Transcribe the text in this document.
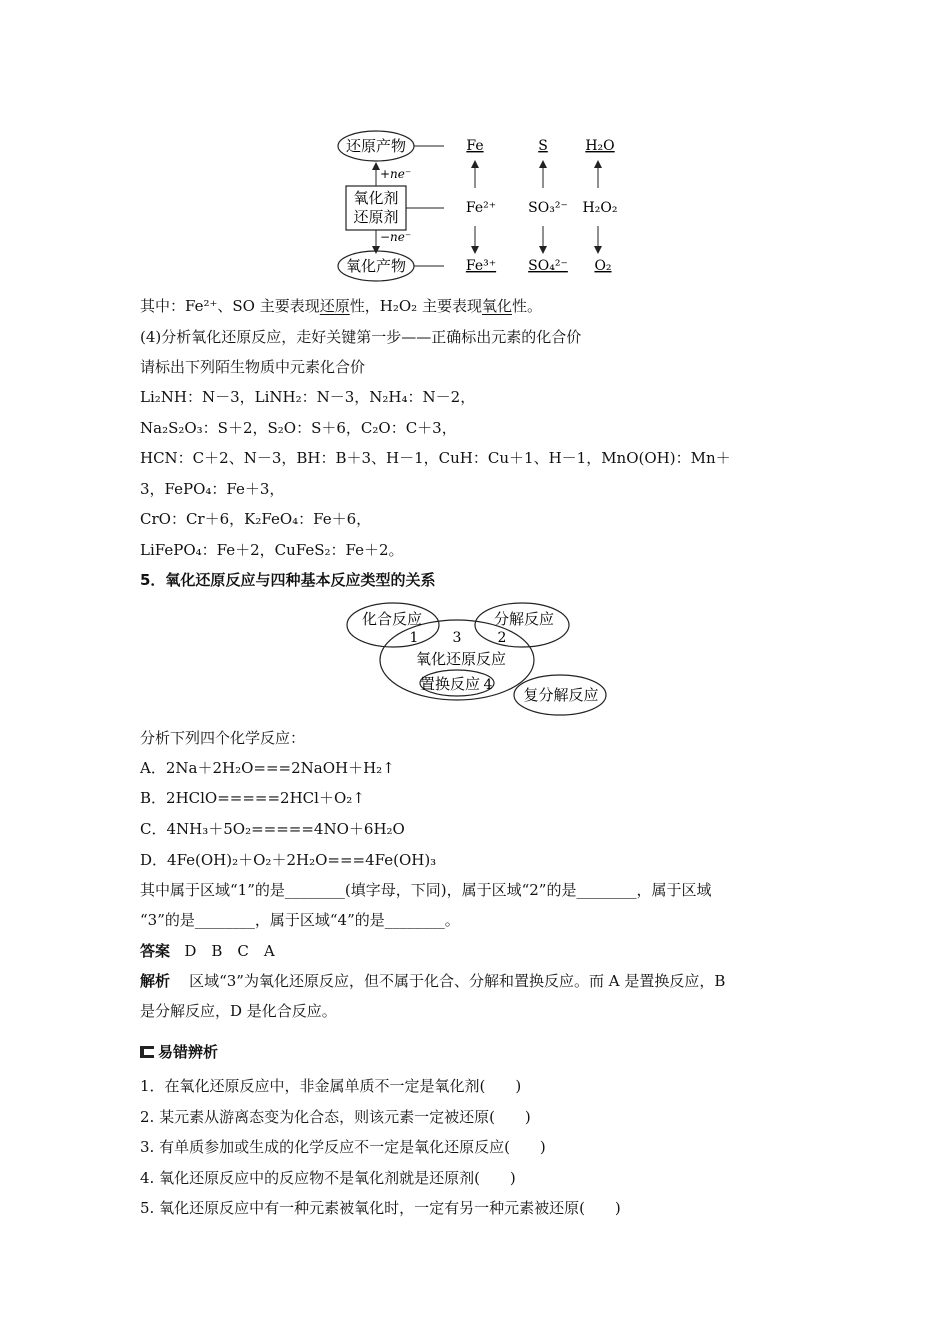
还原产物
+ne⁻
氧化剂
还原剂
−ne⁻
氧化产物
Fe
Fe²⁺
Fe³⁺
S
SO₃²⁻
SO₄²⁻
H₂O
H₂O₂
O₂
其中：Fe²⁺、SO 主要表现还原性，H₂O₂ 主要表现氧化性。
(4)分析氧化还原反应，走好关键第一步——正确标出元素的化合价
请标出下列陌生物质中元素化合价
Li₂NH：N－3，LiNH₂：N－3，N₂H₄：N－2，
Na₂S₂O₃：S＋2，S₂O：S＋6，C₂O：C＋3，
HCN：C＋2、N－3，BH：B＋3、H－1，CuH：Cu＋1、H－1，MnO(OH)：Mn＋
3，FePO₄：Fe＋3，
CrO：Cr＋6，K₂FeO₄：Fe＋6，
LiFePO₄：Fe＋2，CuFeS₂：Fe＋2。
5．氧化还原反应与四种基本反应类型的关系
化合反应	分解反应
1 3	2
氧化还原反应
置换反应 4
复分解反应
分析下列四个化学反应：
A．2Na＋2H₂O===2NaOH＋H₂↑
B．2HClO=====2HCl＋O₂↑
C．4NH₃＋5O₂=====4NO＋6H₂O
D．4Fe(OH)₂＋O₂＋2H₂O===4Fe(OH)₃
其中属于区域“1”的是________(填字母，下同)，属于区域“2”的是________，属于区域
“3”的是________，属于区域“4”的是________。
答案 D　B　C　A
解析 区域“3”为氧化还原反应，但不属于化合、分解和置换反应。而 A 是置换反应，B
是分解反应，D 是化合反应。
易错辨析
1．在氧化还原反应中，非金属单质不一定是氧化剂(　　)
2. 某元素从游离态变为化合态，则该元素一定被还原(　　)
3. 有单质参加或生成的化学反应不一定是氧化还原反应(　　)
4. 氧化还原反应中的反应物不是氧化剂就是还原剂(　　)
5. 氧化还原反应中有一种元素被氧化时，一定有另一种元素被还原(　　)
